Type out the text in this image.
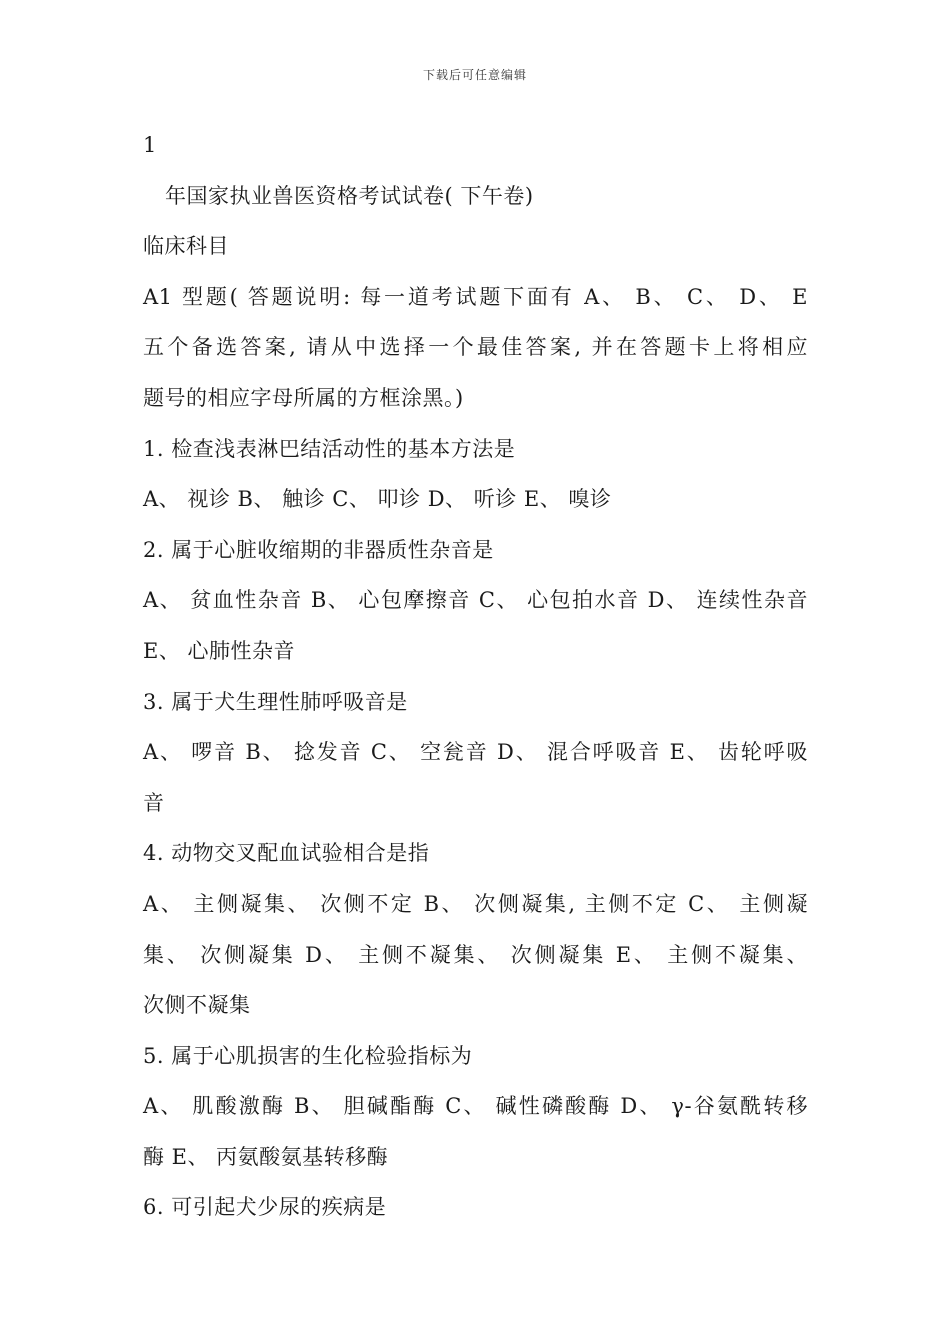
下载后可任意编辑
1
年国家执业兽医资格考试试卷( 下午卷)
临床科目
A1 型题( 答题说明: 每一道考试题下面有 A、 B、 C、 D、 E
五个备选答案, 请从中选择一个最佳答案, 并在答题卡上将相应
题号的相应字母所属的方框涂黑。)
1. 检查浅表淋巴结活动性的基本方法是
A、 视诊 B、 触诊 C、 叩诊 D、 听诊 E、 嗅诊
2. 属于心脏收缩期的非器质性杂音是
A、 贫血性杂音 B、 心包摩擦音 C、 心包拍水音 D、 连续性杂音
E、 心肺性杂音
3. 属于犬生理性肺呼吸音是
A、 啰音 B、 捻发音 C、 空瓮音 D、 混合呼吸音 E、 齿轮呼吸
音
4. 动物交叉配血试验相合是指
A、 主侧凝集、 次侧不定 B、 次侧凝集, 主侧不定 C、 主侧凝
集、 次侧凝集 D、 主侧不凝集、 次侧凝集 E、 主侧不凝集、
次侧不凝集
5. 属于心肌损害的生化检验指标为
A、 肌酸激酶 B、 胆碱酯酶 C、 碱性磷酸酶 D、 γ-谷氨酰转移
酶 E、 丙氨酸氨基转移酶
6. 可引起犬少尿的疾病是
